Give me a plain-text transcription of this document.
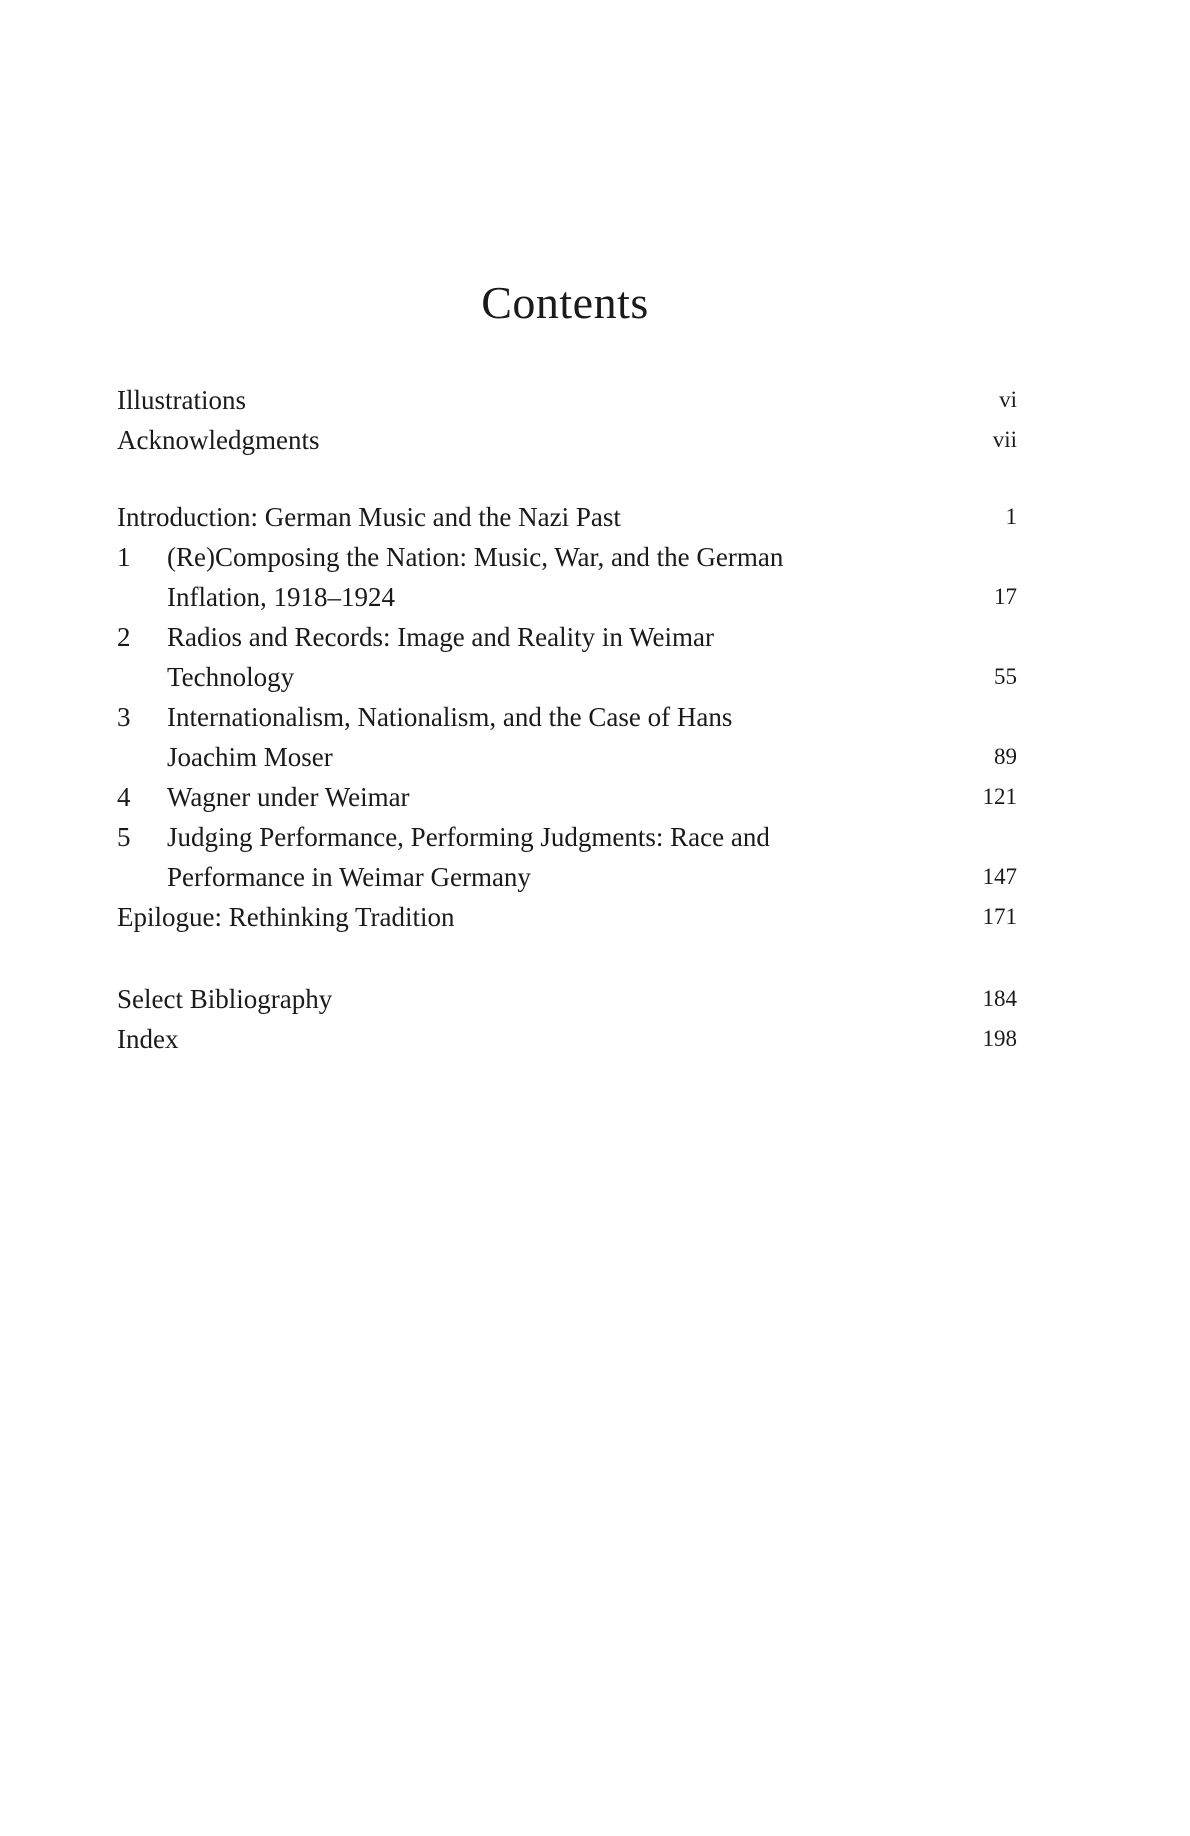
Contents
Illustrations	vi
Acknowledgments	vii
Introduction: German Music and the Nazi Past	1
1 (Re)Composing the Nation: Music, War, and the German
Inflation, 1918–1924	17
2 Radios and Records: Image and Reality in Weimar
Technology	55
3 Internationalism, Nationalism, and the Case of Hans
Joachim Moser	89
4 Wagner under Weimar	121
5 Judging Performance, Performing Judgments: Race and
Performance in Weimar Germany	147
Epilogue: Rethinking Tradition	171
Select Bibliography	184
Index	198
